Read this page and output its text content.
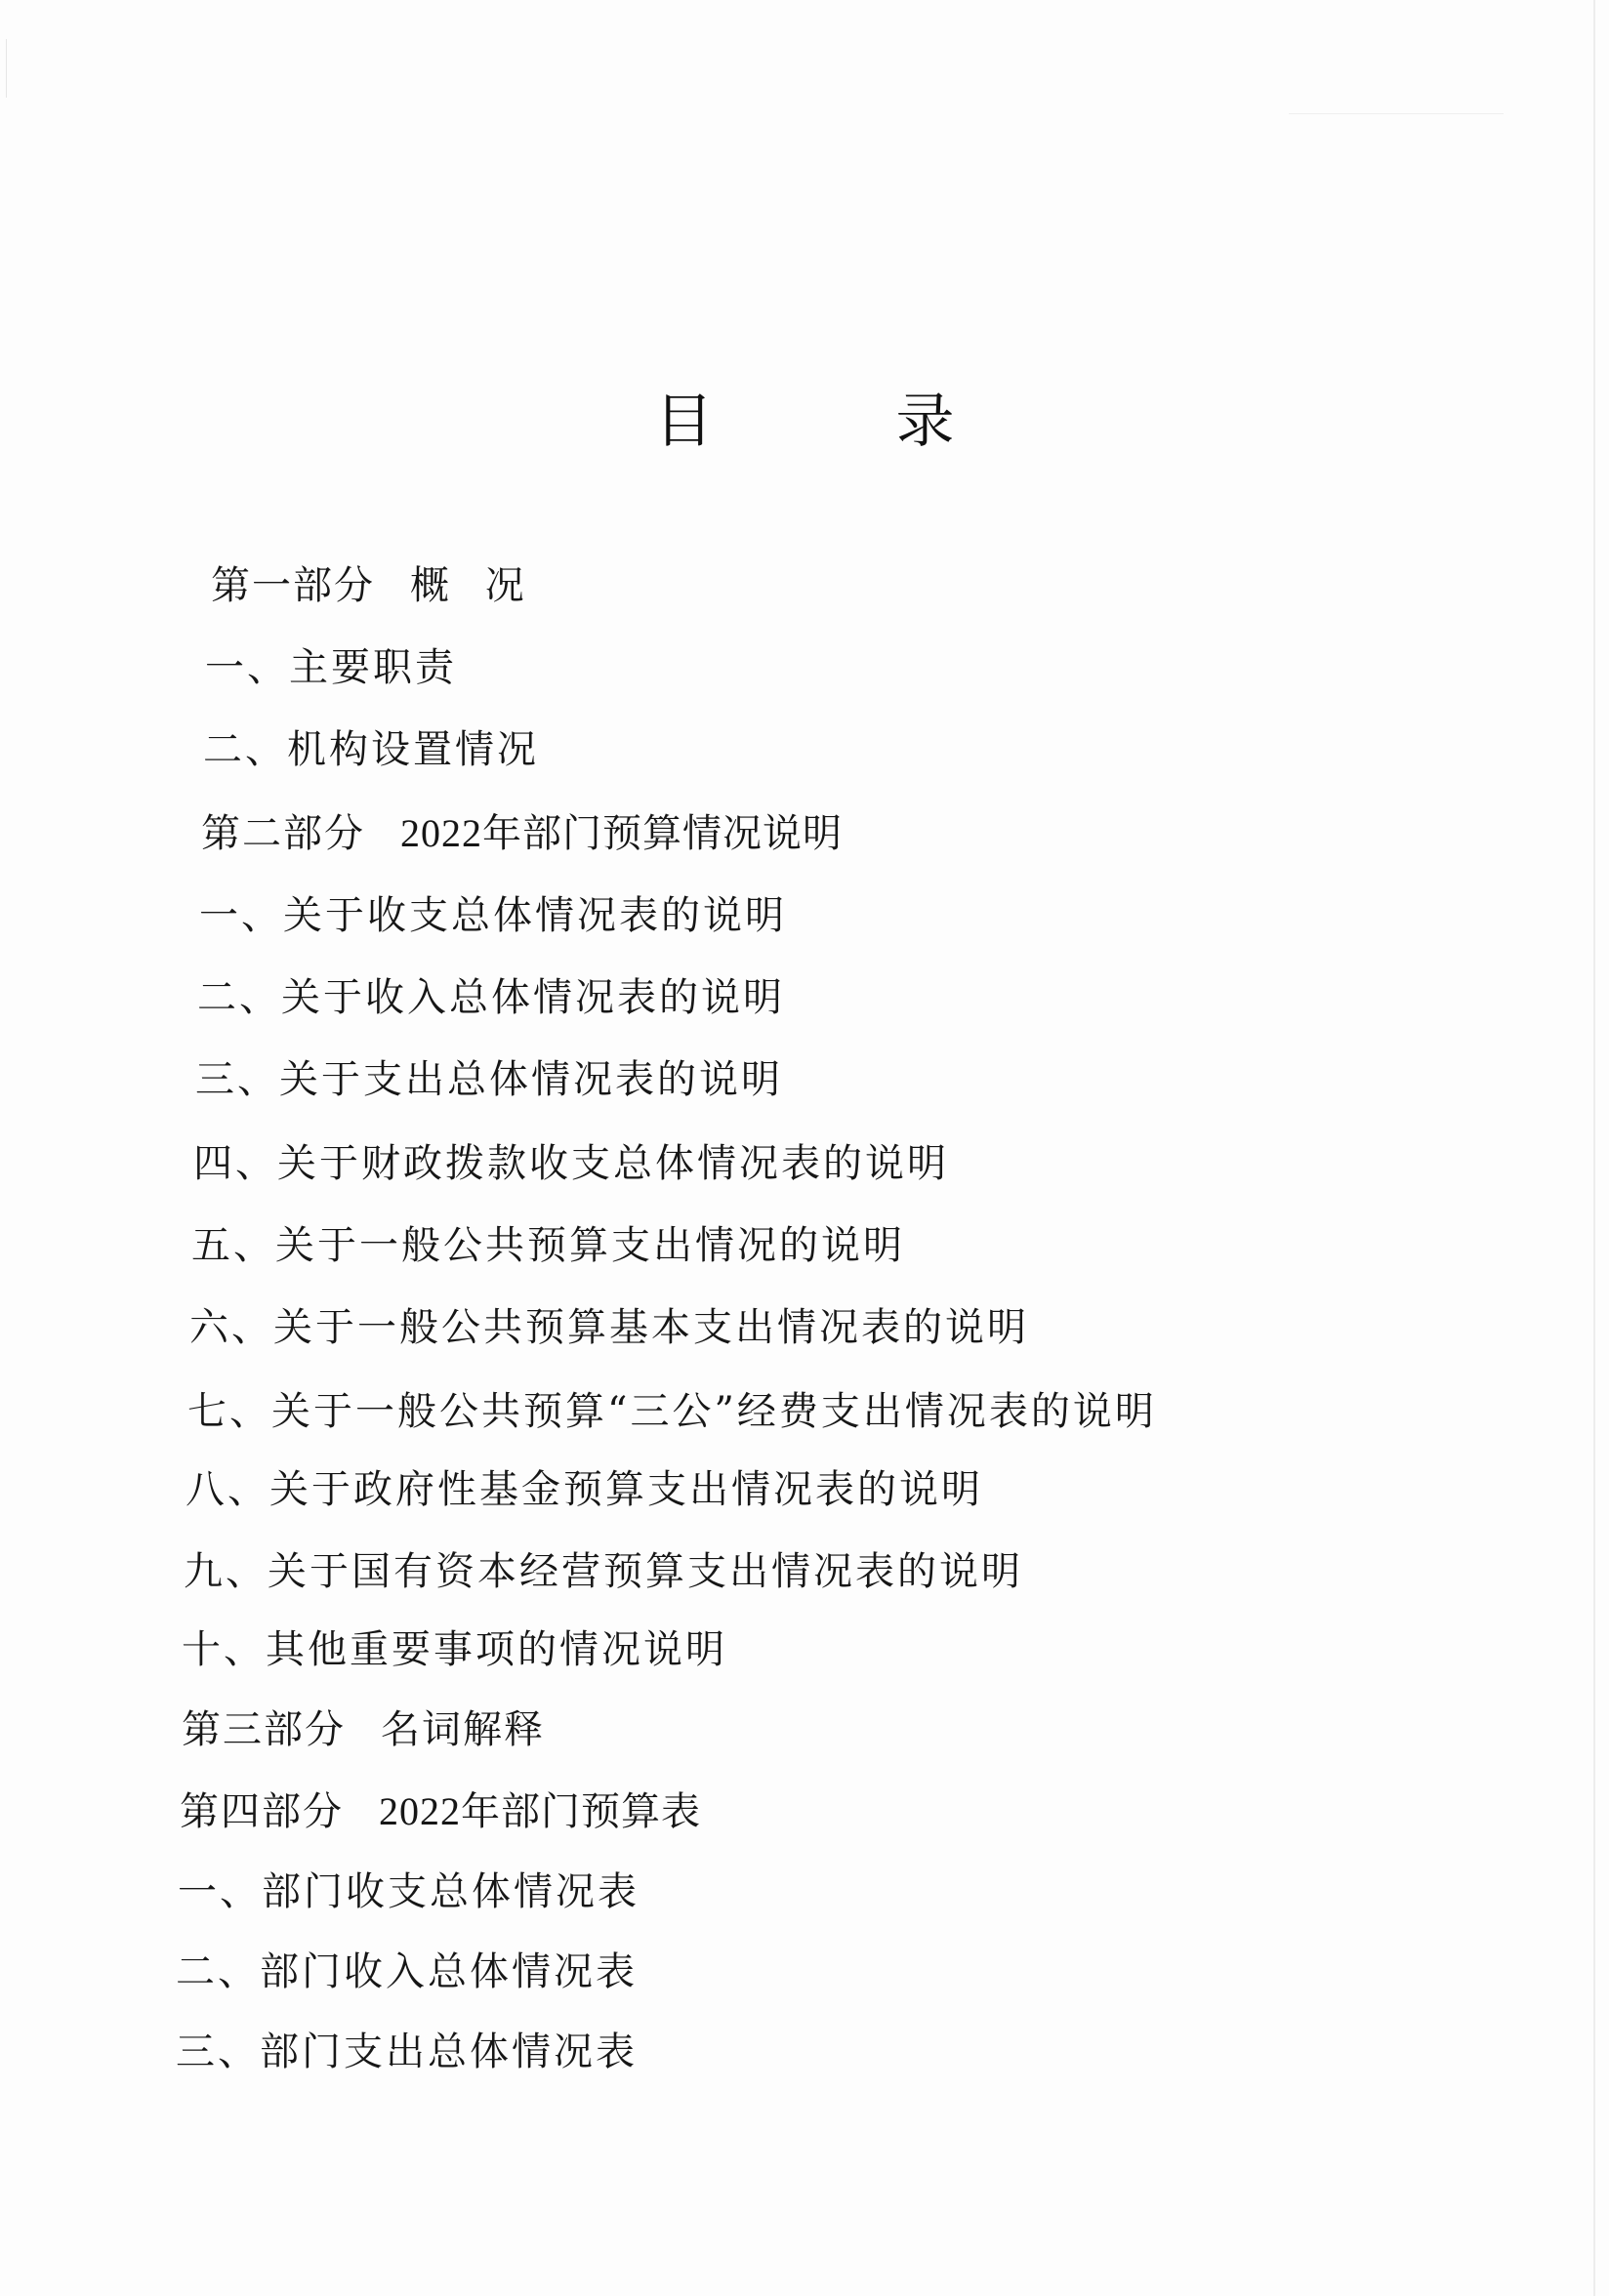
目 录
第一部分 概 况
一、主要职责
二、机构设置情况
第二部分 2022年部门预算情况说明
一、关于收支总体情况表的说明
二、关于收入总体情况表的说明
三、关于支出总体情况表的说明
四、关于财政拨款收支总体情况表的说明
五、关于一般公共预算支出情况的说明
六、关于一般公共预算基本支出情况表的说明
七、关于一般公共预算“三公”经费支出情况表的说明
八、关于政府性基金预算支出情况表的说明
九、关于国有资本经营预算支出情况表的说明
十、其他重要事项的情况说明
第三部分 名词解释
第四部分 2022年部门预算表
一、部门收支总体情况表
二、部门收入总体情况表
三、部门支出总体情况表
